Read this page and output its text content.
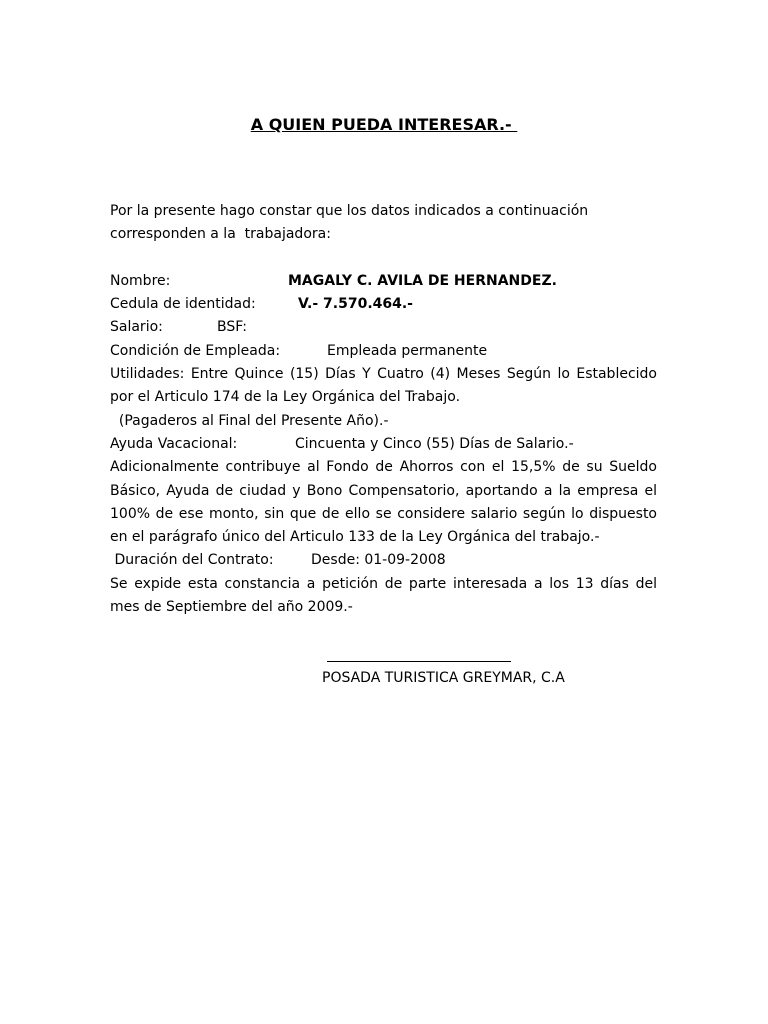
A QUIEN PUEDA INTERESAR.-
Por la presente hago constar que los datos indicados a continuación
corresponden a la  trabajadora:
Nombre:	MAGALY C. AVILA DE HERNANDEZ.
Cedula de identidad:	V.- 7.570.464.-
Salario:	BSF:
Condición de Empleada:	Empleada permanente
Utilidades: Entre Quince (15) Días Y Cuatro (4) Meses Según lo Establecido
por el Articulo 174 de la Ley Orgánica del Trabajo.
(Pagaderos al Final del Presente Año).-
Ayuda Vacacional:	Cincuenta y Cinco (55) Días de Salario.-
Adicionalmente contribuye al Fondo de Ahorros con el 15,5% de su Sueldo
Básico, Ayuda de ciudad y Bono Compensatorio, aportando a la empresa el
100% de ese monto, sin que de ello se considere salario según lo dispuesto
en el parágrafo único del Articulo 133 de la Ley Orgánica del trabajo.-
Duración del Contrato:	Desde: 01-09-2008
Se expide esta constancia a petición de parte interesada a los 13 días del
mes de Septiembre del año 2009.-
POSADA TURISTICA GREYMAR, C.A
